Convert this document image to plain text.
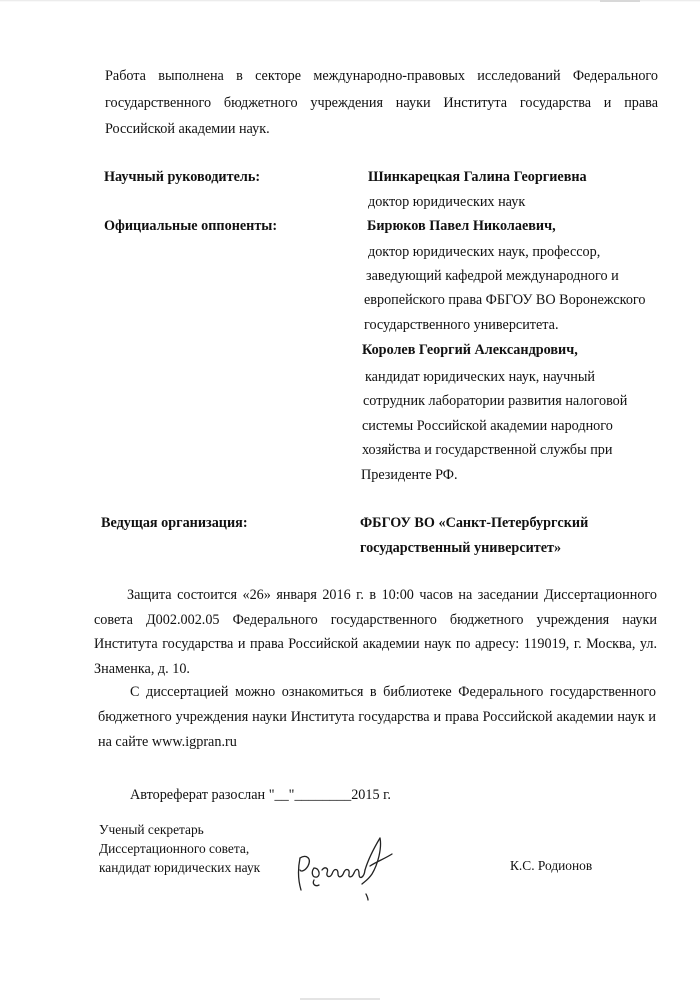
Работа выполнена в секторе международно-правовых исследований Федерального государственного бюджетного учреждения науки Института государства и права Российской академии наук.
Научный руководитель:	Шинкарецкая Галина Георгиевна
доктор юридических наук
Официальные оппоненты:	Бирюков Павел Николаевич,
доктор юридических наук, профессор,
заведующий кафедрой международного и
европейского права ФБГОУ ВО Воронежского
государственного университета.
Королев Георгий Александрович,
кандидат юридических наук, научный
сотрудник лаборатории развития налоговой
системы Российской академии народного
хозяйства и государственной службы при
Президенте РФ.
Ведущая организация:	ФБГОУ ВО «Санкт-Петербургский
государственный университет»
Защита состоится «26» января 2016 г. в 10:00 часов на заседании Диссертационного совета Д002.002.05 Федерального государственного бюджетного учреждения науки Института государства и права Российской академии наук по адресу: 119019, г. Москва, ул. Знаменка, д. 10.
С диссертацией можно ознакомиться в библиотеке Федерального государственного бюджетного учреждения науки Института государства и права Российской академии наук и на сайте www.igpran.ru
Автореферат разослан "__"________2015 г.
Ученый секретарь
Диссертационного совета,
кандидат юридических наук	К.С. Родионов
